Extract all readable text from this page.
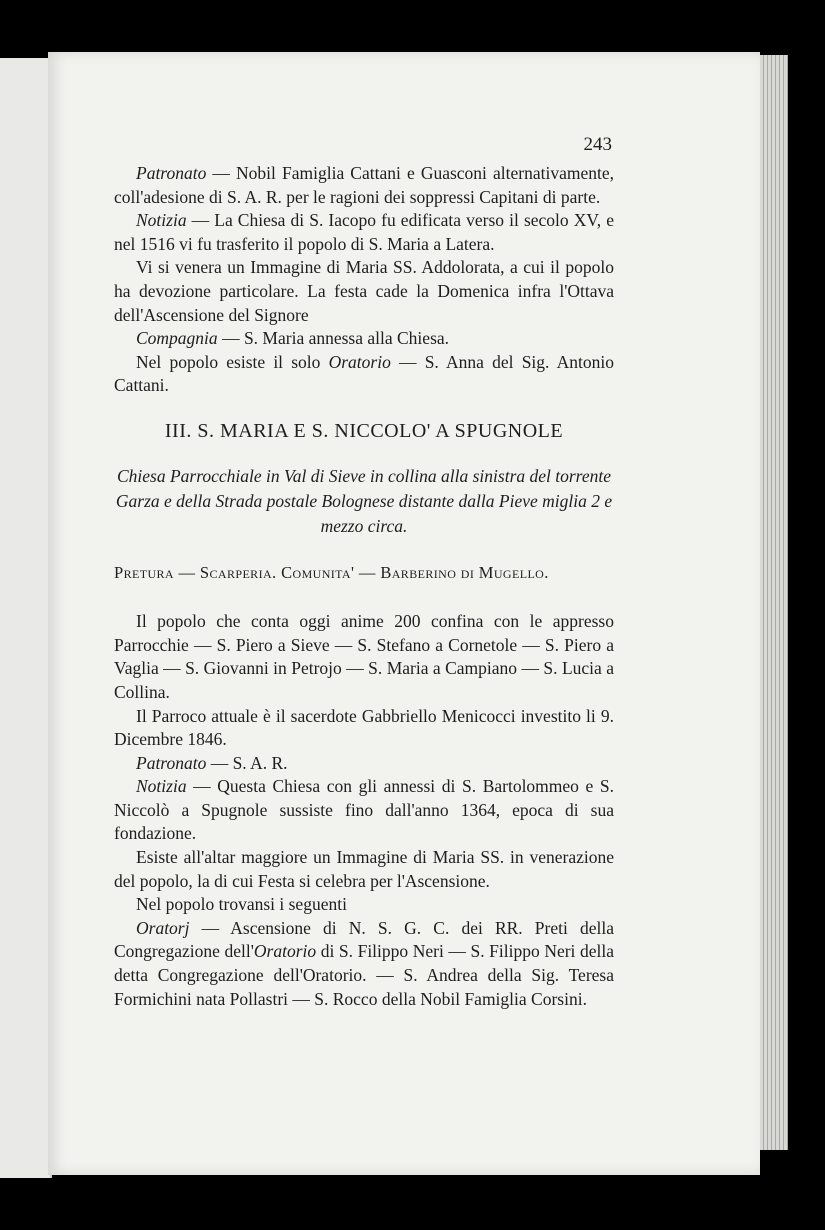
243

Patronato — Nobil Famiglia Cattani e Guasconi alternativamente, coll'adesione di S. A. R. per le ragioni dei soppressi Capitani di parte.

Notizia — La Chiesa di S. Iacopo fu edificata verso il secolo XV, e nel 1516 vi fu trasferito il popolo di S. Maria a Latera.

Vi si venera un Immagine di Maria SS. Addolorata, a cui il popolo ha devozione particolare. La festa cade la Domenica infra l'Ottava dell'Ascensione del Signore

Compagnia — S. Maria annessa alla Chiesa.

Nel popolo esiste il solo Oratorio — S. Anna del Sig. Antonio Cattani.

III. S. MARIA E S. NICCOLO' A SPUGNOLE

Chiesa Parrocchiale in Val di Sieve in collina alla sinistra del torrente Garza e della Strada postale Bolognese distante dalla Pieve miglia 2 e mezzo circa.

Pretura — Scarperia. Comunita' — Barberino di Mugello.

Il popolo che conta oggi anime 200 confina con le appresso Parrocchie — S. Piero a Sieve — S. Stefano a Cornetole — S. Piero a Vaglia — S. Giovanni in Petrojo — S. Maria a Campiano — S. Lucia a Collina.

Il Parroco attuale è il sacerdote Gabbriello Menicocci investito li 9. Dicembre 1846.

Patronato — S. A. R.

Notizia — Questa Chiesa con gli annessi di S. Bartolommeo e S. Niccolò a Spugnole sussiste fino dall'anno 1364, epoca di sua fondazione.

Esiste all'altar maggiore un Immagine di Maria SS. in venerazione del popolo, la di cui Festa si celebra per l'Ascensione.

Nel popolo trovansi i seguenti

Oratorj — Ascensione di N. S. G. C. dei RR. Preti della Congregazione dell'Oratorio di S. Filippo Neri — S. Filippo Neri della detta Congregazione dell'Oratorio. — S. Andrea della Sig. Teresa Formichini nata Pollastri — S. Rocco della Nobil Famiglia Corsini.
